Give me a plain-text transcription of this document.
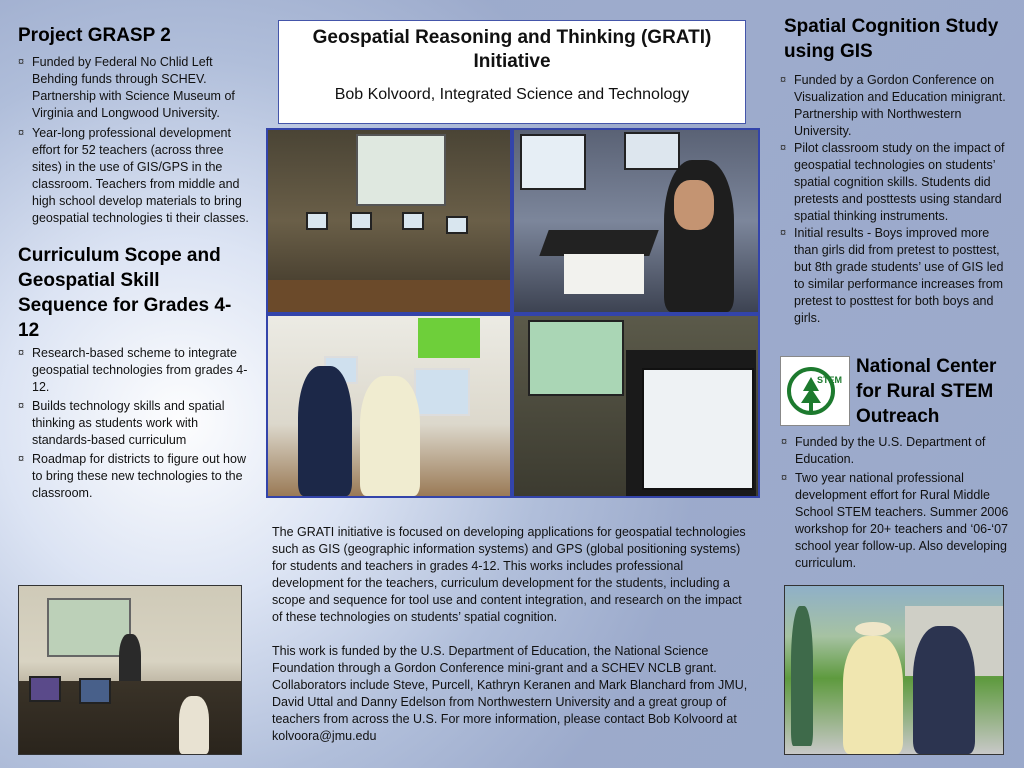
Project GRASP 2
¤ Funded by Federal No Chlid Left Behding funds through SCHEV. Partnership with Science Museum of Virginia and Longwood University.
¤ Year-long professional development effort for 52 teachers (across three sites) in the use of GIS/GPS in the classroom. Teachers from middle and high school develop materials to bring geospatial technologies ti their classes.
Curriculum Scope and Geospatial Skill Sequence for Grades 4-12
¤ Research-based scheme to integrate geospatial technologies from grades 4-12.
¤ Builds technology skills and spatial thinking as students work with standards-based curriculum
¤ Roadmap for districts to figure out how to bring these new technologies to the classroom.
Geospatial Reasoning and Thinking (GRATI) Initiative
Bob Kolvoord, Integrated Science and Technology

The GRATI initiative is focused on developing applications for geospatial technologies such as GIS (geographic information systems) and GPS (global positioning systems) for students and teachers in grades 4-12. This works includes professional development for the teachers, curriculum development for the students, including a scope and sequence for tool use and content integration, and research on the impact of these technologies on students’ spatial cognition.

This work is funded by the U.S. Department of Education, the National Science Foundation through a Gordon Conference mini-grant and a SCHEV NCLB grant. Collaborators include Steve, Purcell, Kathryn Keranen and Mark Blanchard from JMU, David Uttal and Danny Edelson from Northwestern University and a great group of teachers from across the U.S. For more information, please contact Bob Kolvoord at kolvoora@jmu.edu

Spatial Cognition Study using GIS
¤ Funded by a Gordon Conference on Visualization and Education minigrant. Partnership with Northwestern University.
¤ Pilot classroom study on the impact of geospatial technologies on students’ spatial cognition skills. Students did pretests and posttests using standard spatial thinking instruments.
¤ Initial results - Boys improved more than girls did from pretest to posttest, but 8th grade students’ use of GIS led to similar performance increases from pretest to posttest for both boys and girls.
STEM
National Center for Rural STEM Outreach
¤ Funded by the U.S. Department of Education.
¤ Two year national professional development effort for Rural Middle School STEM teachers. Summer 2006 workshop for 20+ teachers and ‘06-‘07 school year follow-up. Also developing curriculum.
